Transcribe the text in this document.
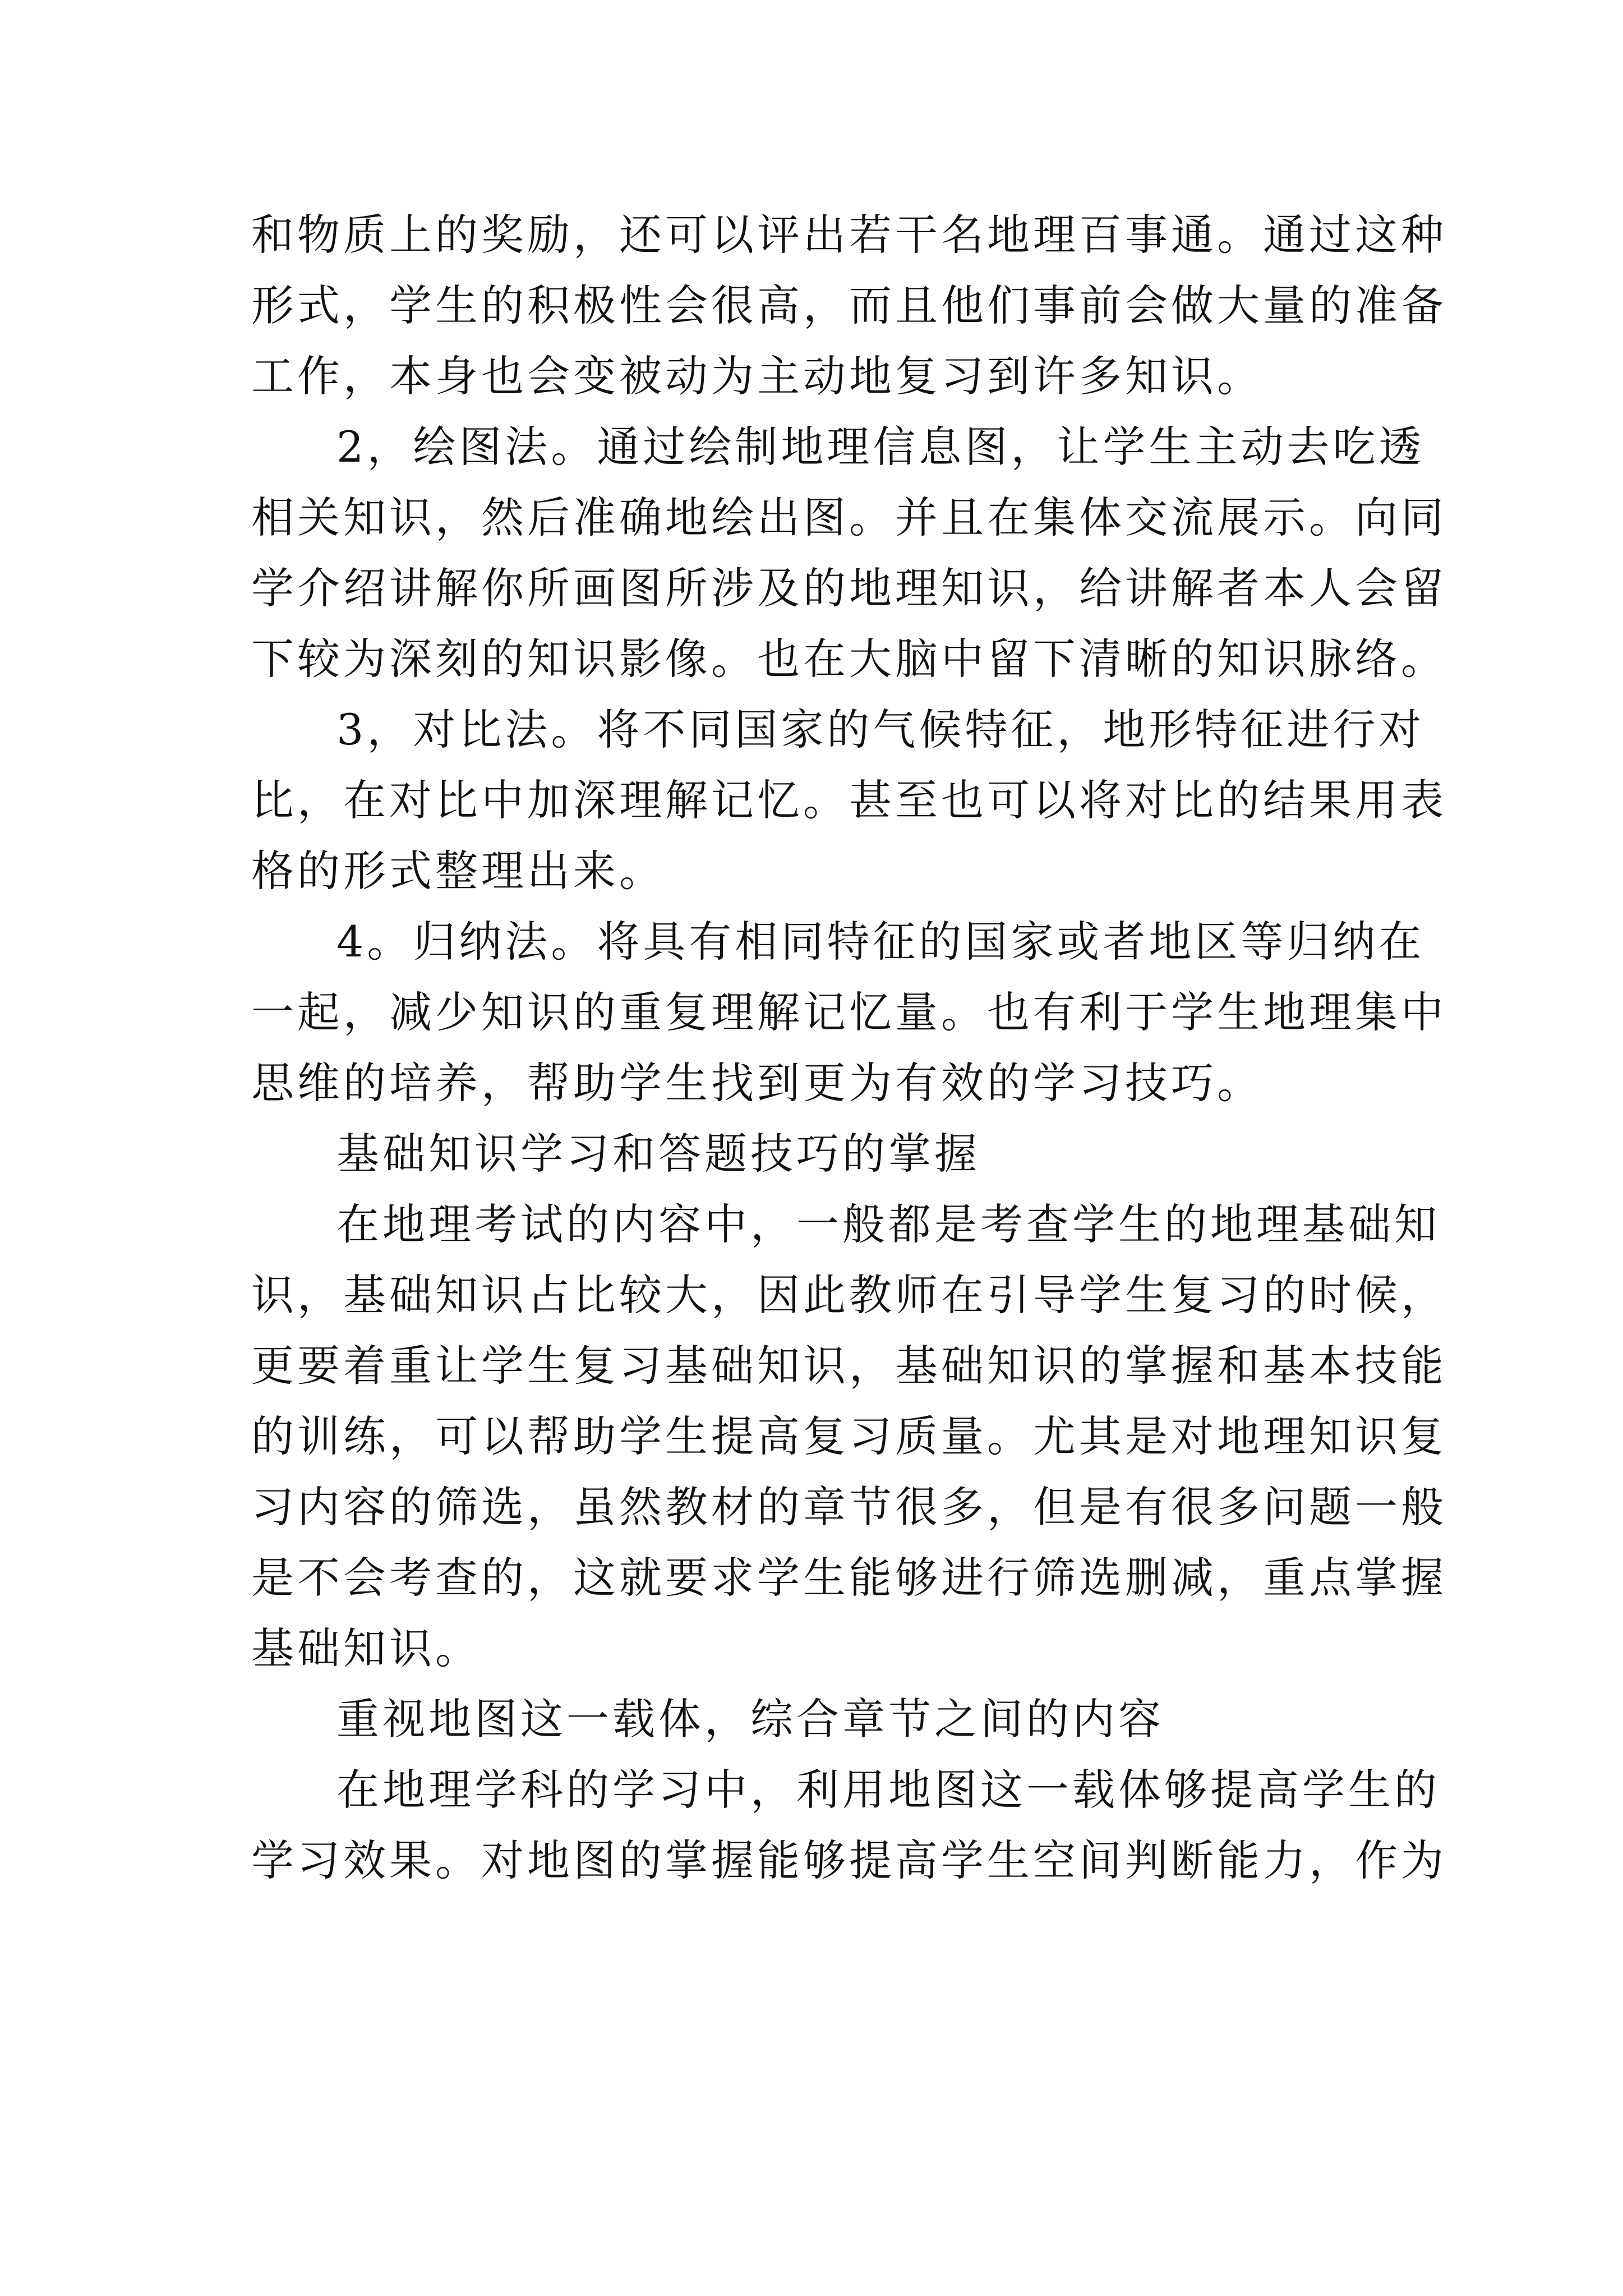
和物质上的奖励，还可以评出若干名地理百事通。通过这种
形式，学生的积极性会很高，而且他们事前会做大量的准备
工作，本身也会变被动为主动地复习到许多知识。
2，绘图法。通过绘制地理信息图，让学生主动去吃透
相关知识，然后准确地绘出图。并且在集体交流展示。向同
学介绍讲解你所画图所涉及的地理知识，给讲解者本人会留
下较为深刻的知识影像。也在大脑中留下清晰的知识脉络。
3，对比法。将不同国家的气候特征，地形特征进行对
比，在对比中加深理解记忆。甚至也可以将对比的结果用表
格的形式整理出来。
4。归纳法。将具有相同特征的国家或者地区等归纳在
一起，减少知识的重复理解记忆量。也有利于学生地理集中
思维的培养，帮助学生找到更为有效的学习技巧。
基础知识学习和答题技巧的掌握
在地理考试的内容中，一般都是考查学生的地理基础知
识，基础知识占比较大，因此教师在引导学生复习的时候，
更要着重让学生复习基础知识，基础知识的掌握和基本技能
的训练，可以帮助学生提高复习质量。尤其是对地理知识复
习内容的筛选，虽然教材的章节很多，但是有很多问题一般
是不会考查的，这就要求学生能够进行筛选删减，重点掌握
基础知识。
重视地图这一载体，综合章节之间的内容
在地理学科的学习中，利用地图这一载体够提高学生的
学习效果。对地图的掌握能够提高学生空间判断能力，作为
